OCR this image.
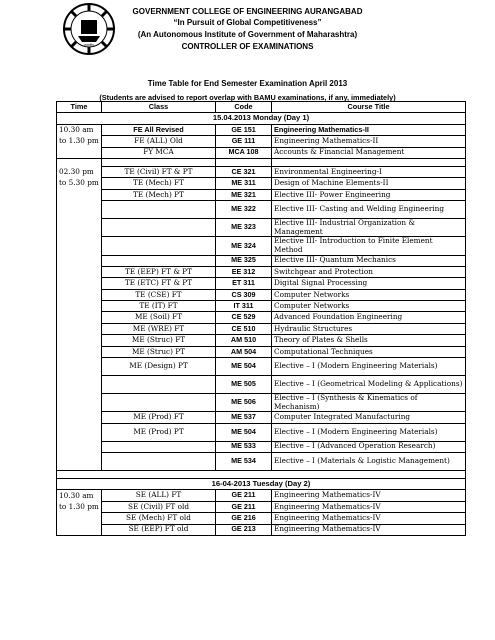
शासकीय
GOVERNMENT COLLEGE OF ENGINEERING AURANGABAD
“In Pursuit of Global Competitiveness”
(An Autonomous Institute of Government of Maharashtra)
CONTROLLER OF EXAMINATIONS
Time Table for End Semester Examination April 2013
(Students are advised to report overlap with BAMU examinations, if any, immediately)
Time	Class	Code	Course Title
15.04.2013 Monday (Day 1)			
10.30 am	FE All Revised	GE 151	Engineering Mathematics-II
to 1.30 pm	FE (ALL) Old	GE 111	Engineering Mathematics-II
	FY MCA	MCA 108	Accounts & Financial Management

02.30 pm	TE (Civil) FT & PT	CE 321	Environmental Engineering-I
to 5.30 pm	TE (Mech) FT	ME 311	Design of Machine Elements-II
	TE (Mech) PT	ME 321	Elective III- Power Engineering
		ME 322	Elective III- Casting and Welding Engineering
		ME 323	Elective III- Industrial Organization & Management
		ME 324	Elective III- Introduction to Finite Element Method
		ME 325	Elective III- Quantum Mechanics
	TE (EEP) FT & PT	EE 312	Switchgear and Protection
	TE (ETC) FT & PT	ET 311	Digital Signal Processing
	TE (CSE) FT	CS 309	Computer Networks
	TE (IT) FT	IT 311	Computer Networks
	ME (Soil) FT	CE 529	Advanced Foundation Engineering
	ME (WRE) FT	CE 510	Hydraulic Structures
	ME (Struc) FT	AM 510	Theory of Plates & Shells
	ME (Struc) PT	AM 504	Computational Techniques
	ME (Design) PT	ME 504	Elective – I (Modern Engineering Materials)
		ME 505	Elective – I (Geometrical Modeling & Applications)
		ME 506	Elective – I (Synthesis & Kinematics of Mechanism)
	ME (Prod) FT	ME 537	Computer Integrated Manufacturing
	ME (Prod) PT	ME 504	Elective – I (Modern Engineering Materials)
		ME 533	Elective – I (Advanced Operation Research)
		ME 534	Elective – I (Materials & Logistic Management)

16-04-2013 Tuesday (Day 2)			
10.30 am	SE (ALL) FT	GE 211	Engineering Mathematics-IV
to 1.30 pm	SE (Civil) FT old	GE 211	Engineering Mathematics-IV
	SE (Mech) FT old	GE 216	Engineering Mathematics-IV
	SE (EEP) FT old	GE 213	Engineering Mathematics-IV
